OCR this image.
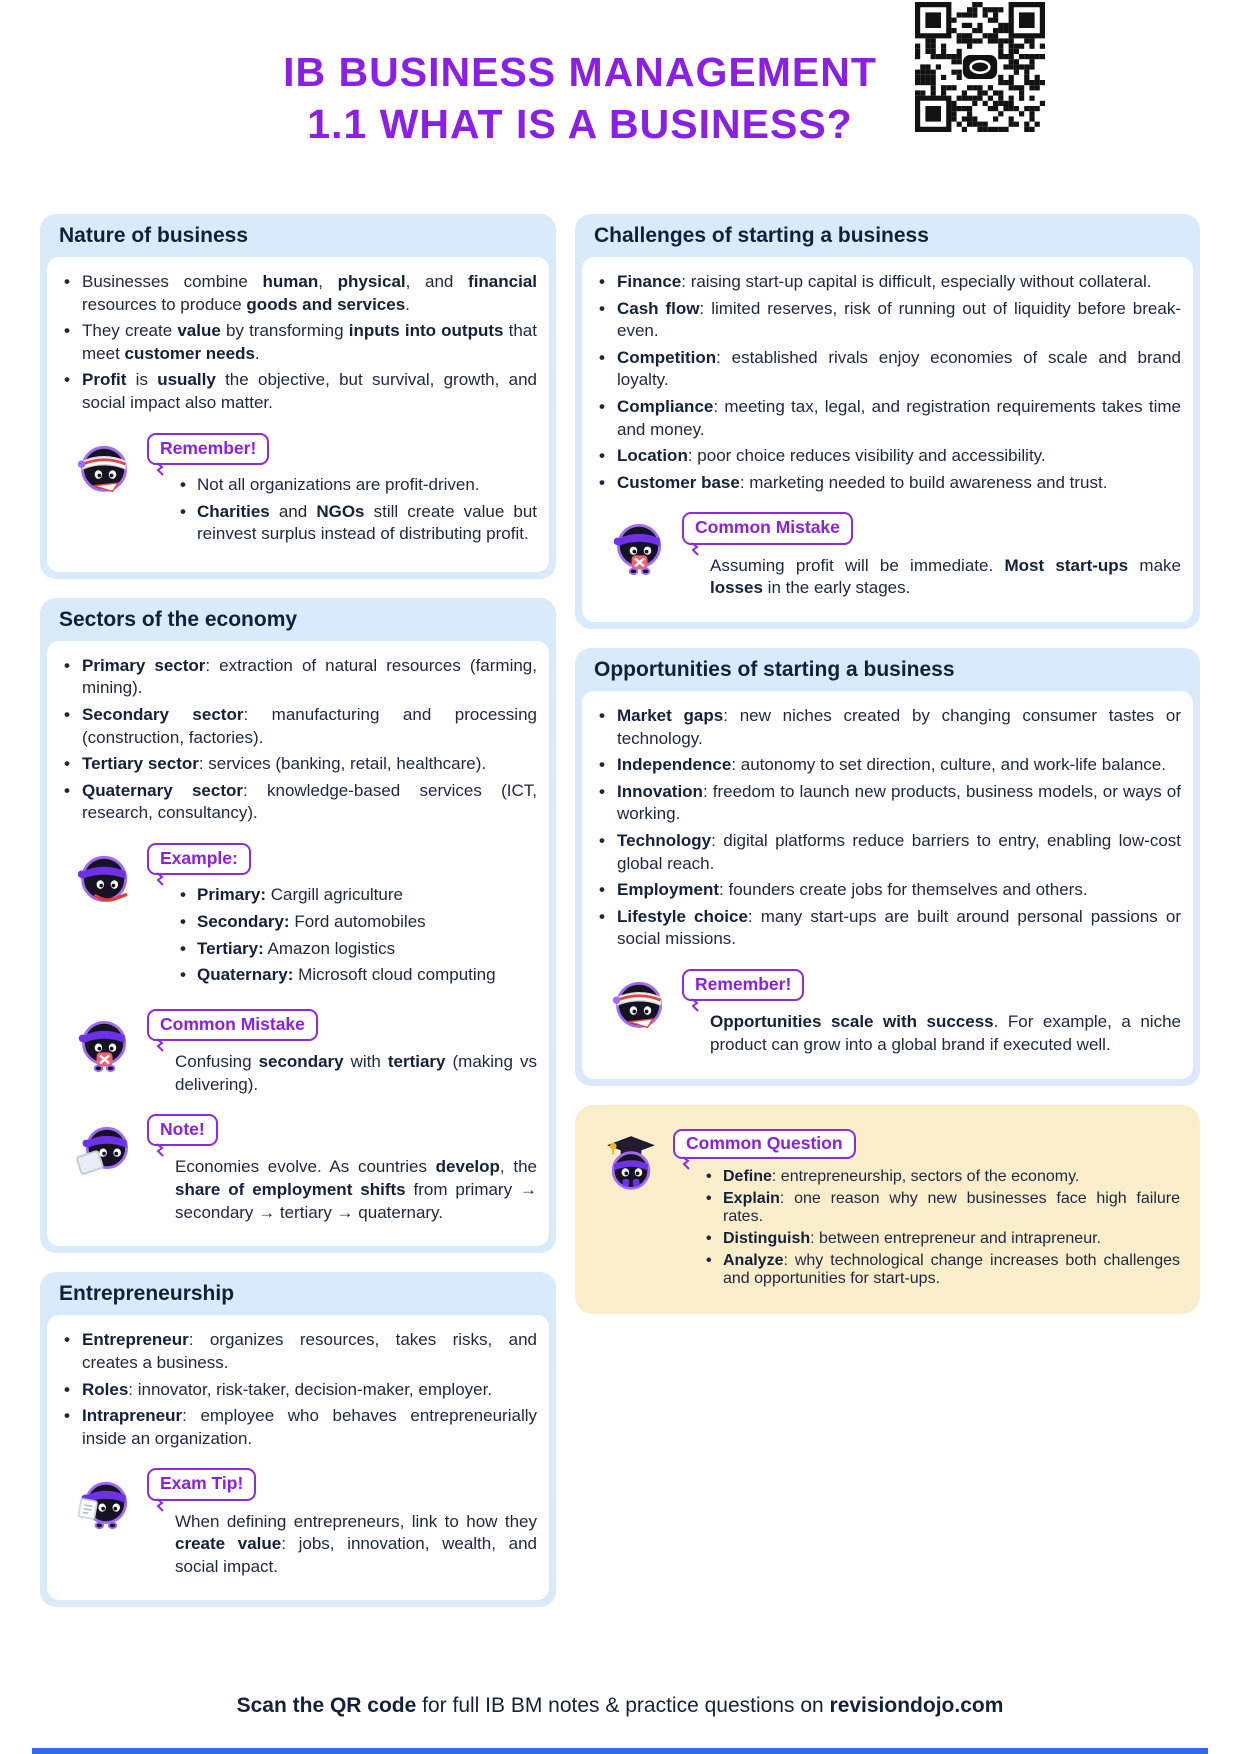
IB BUSINESS MANAGEMENT
1.1 WHAT IS A BUSINESS?
Nature of business
• Businesses combine human, physical, and financial resources to produce goods and services.
• They create value by transforming inputs into outputs that meet customer needs.
• Profit is usually the objective, but survival, growth, and social impact also matter.
Remember!
• Not all organizations are profit-driven.
• Charities and NGOs still create value but reinvest surplus instead of distributing profit.
Sectors of the economy
• Primary sector: extraction of natural resources (farming, mining).
• Secondary sector: manufacturing and processing (construction, factories).
• Tertiary sector: services (banking, retail, healthcare).
• Quaternary sector: knowledge-based services (ICT, research, consultancy).
Example:
• Primary: Cargill agriculture
• Secondary: Ford automobiles
• Tertiary: Amazon logistics
• Quaternary: Microsoft cloud computing
Common Mistake
Confusing secondary with tertiary (making vs delivering).
Note!
Economies evolve. As countries develop, the share of employment shifts from primary → secondary → tertiary → quaternary.
Entrepreneurship
• Entrepreneur: organizes resources, takes risks, and creates a business.
• Roles: innovator, risk-taker, decision-maker, employer.
• Intrapreneur: employee who behaves entrepreneurially inside an organization.
Exam Tip!
When defining entrepreneurs, link to how they create value: jobs, innovation, wealth, and social impact.
Challenges of starting a business
• Finance: raising start-up capital is difficult, especially without collateral.
• Cash flow: limited reserves, risk of running out of liquidity before break-even.
• Competition: established rivals enjoy economies of scale and brand loyalty.
• Compliance: meeting tax, legal, and registration requirements takes time and money.
• Location: poor choice reduces visibility and accessibility.
• Customer base: marketing needed to build awareness and trust.
Common Mistake
Assuming profit will be immediate. Most start-ups make losses in the early stages.
Opportunities of starting a business
• Market gaps: new niches created by changing consumer tastes or technology.
• Independence: autonomy to set direction, culture, and work-life balance.
• Innovation: freedom to launch new products, business models, or ways of working.
• Technology: digital platforms reduce barriers to entry, enabling low-cost global reach.
• Employment: founders create jobs for themselves and others.
• Lifestyle choice: many start-ups are built around personal passions or social missions.
Remember!
Opportunities scale with success. For example, a niche product can grow into a global brand if executed well.
Common Question
• Define: entrepreneurship, sectors of the economy.
• Explain: one reason why new businesses face high failure rates.
• Distinguish: between entrepreneur and intrapreneur.
• Analyze: why technological change increases both challenges and opportunities for start-ups.
Scan the QR code for full IB BM notes & practice questions on revisiondojo.com
